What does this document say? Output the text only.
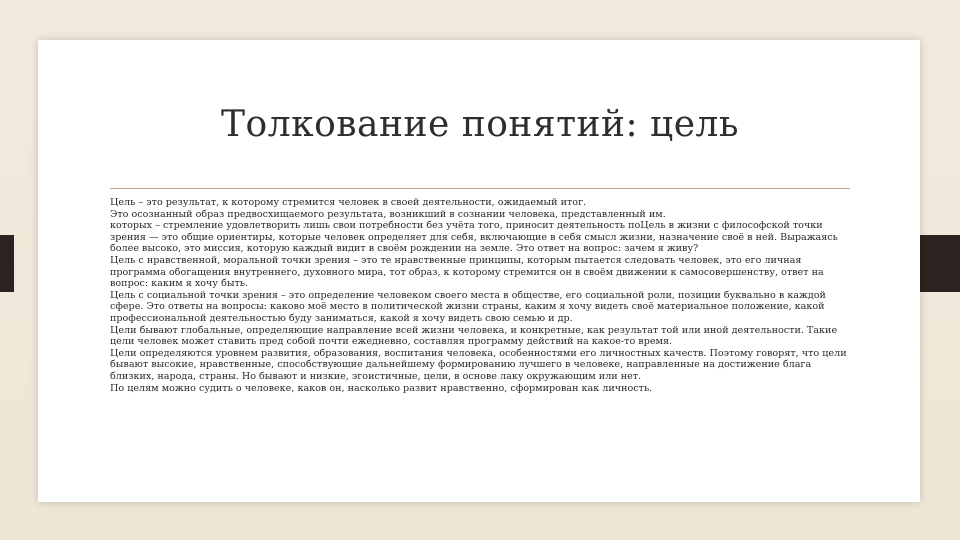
Толкование понятий: цель

Цель – это результат, к которому стремится человек в своей деятельности, ожидаемый итог.

Это осознанный образ предвосхищаемого результата, возникший в сознании человека, представленный им.

которых – стремление удовлетворить лишь свои потребности без учёта того, приносит деятельность поЦель в жизни с философской точки зрения — это общие ориентиры, которые человек определяет для себя, включающие в себя смысл жизни, назначение своё в ней. Выражаясь более высоко, это миссия, которую каждый видит в своём рождении на земле. Это ответ на вопрос: зачем я живу?

Цель с нравственной, моральной точки зрения – это те нравственные принципы, которым пытается следовать человек, это его личная программа обогащения внутреннего, духовного мира, тот образ, к которому стремится он в своём движении к самосовершенству, ответ на вопрос: каким я хочу быть.

Цель с социальной точки зрения – это определение человеком своего места в обществе, его социальной роли, позиции буквально в каждой сфере. Это ответы на вопросы: каково моё место в политической жизни страны, каким я хочу видеть своё материальное положение, какой профессиональной деятельностью буду заниматься, какой я хочу видеть свою семью и др.

Цели бывают глобальные, определяющие направление всей жизни человека, и конкретные, как результат той или иной деятельности. Такие цели человек может ставить пред собой почти ежедневно, составляя программу действий на какое-то время.

Цели определяются уровнем развития, образования, воспитания человека, особенностями его личностных качеств. Поэтому говорят, что цели бывают высокие, нравственные, способствующие дальнейшему формированию лучшего в человеке, направленные на достижение блага близких, народа, страны. Но бывают и низкие, эгоистичные, цели, в основе лаку окружающим или нет.

По целям можно судить о человеке, каков он, насколько развит нравственно, сформирован как личность.
